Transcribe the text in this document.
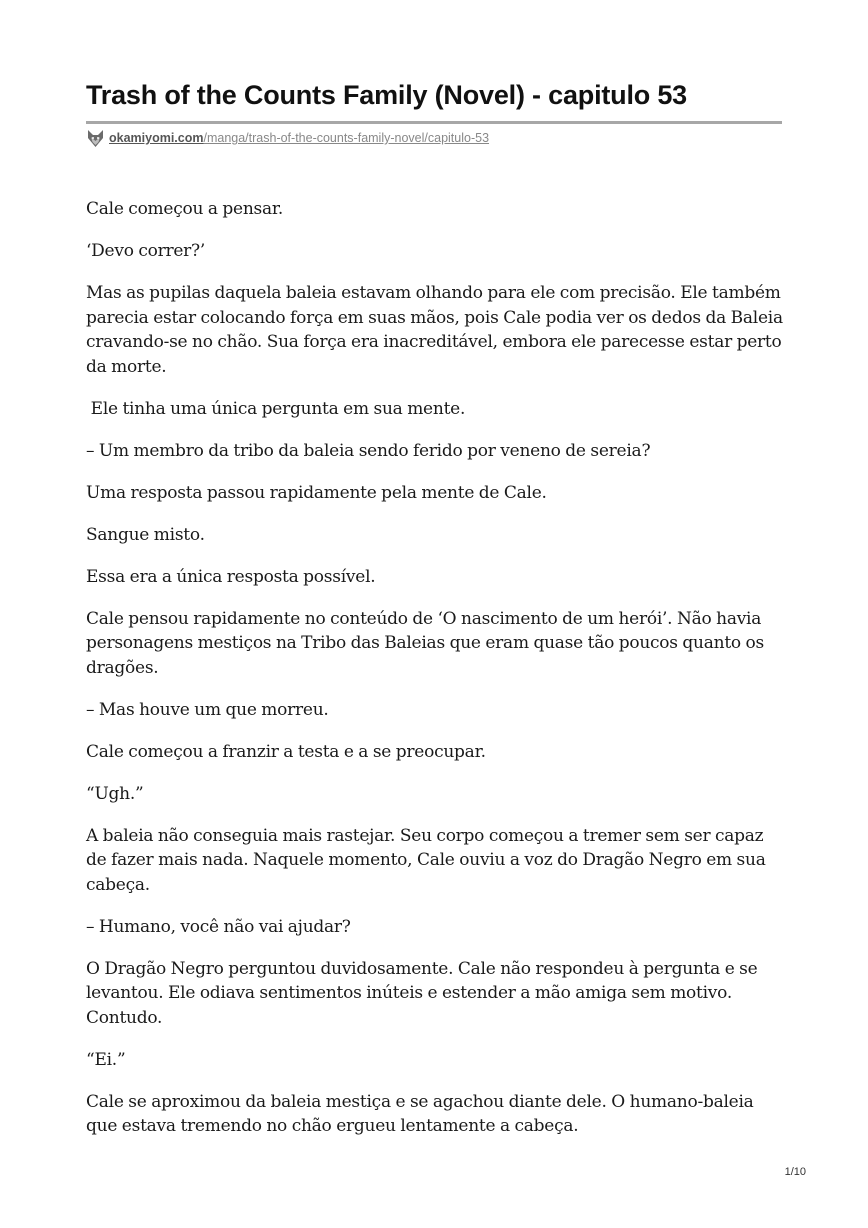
Trash of the Counts Family (Novel) - capitulo 53
okamiyomi.com /manga/trash-of-the-counts-family-novel/capitulo-53

Cale começou a pensar.

‘Devo correr?’

Mas as pupilas daquela baleia estavam olhando para ele com precisão. Ele também parecia estar colocando força em suas mãos, pois Cale podia ver os dedos da Baleia cravando-se no chão. Sua força era inacreditável, embora ele parecesse estar perto da morte.

Ele tinha uma única pergunta em sua mente.

– Um membro da tribo da baleia sendo ferido por veneno de sereia?

Uma resposta passou rapidamente pela mente de Cale.

Sangue misto.

Essa era a única resposta possível.

Cale pensou rapidamente no conteúdo de ‘O nascimento de um herói’. Não havia personagens mestiços na Tribo das Baleias que eram quase tão poucos quanto os dragões.

– Mas houve um que morreu.

Cale começou a franzir a testa e a se preocupar.

“Ugh.”

A baleia não conseguia mais rastejar. Seu corpo começou a tremer sem ser capaz de fazer mais nada. Naquele momento, Cale ouviu a voz do Dragão Negro em sua cabeça.

– Humano, você não vai ajudar?

O Dragão Negro perguntou duvidosamente. Cale não respondeu à pergunta e se levantou. Ele odiava sentimentos inúteis e estender a mão amiga sem motivo. Contudo.

“Ei.”

Cale se aproximou da baleia mestiça e se agachou diante dele. O humano-baleia que estava tremendo no chão ergueu lentamente a cabeça.

1/10
